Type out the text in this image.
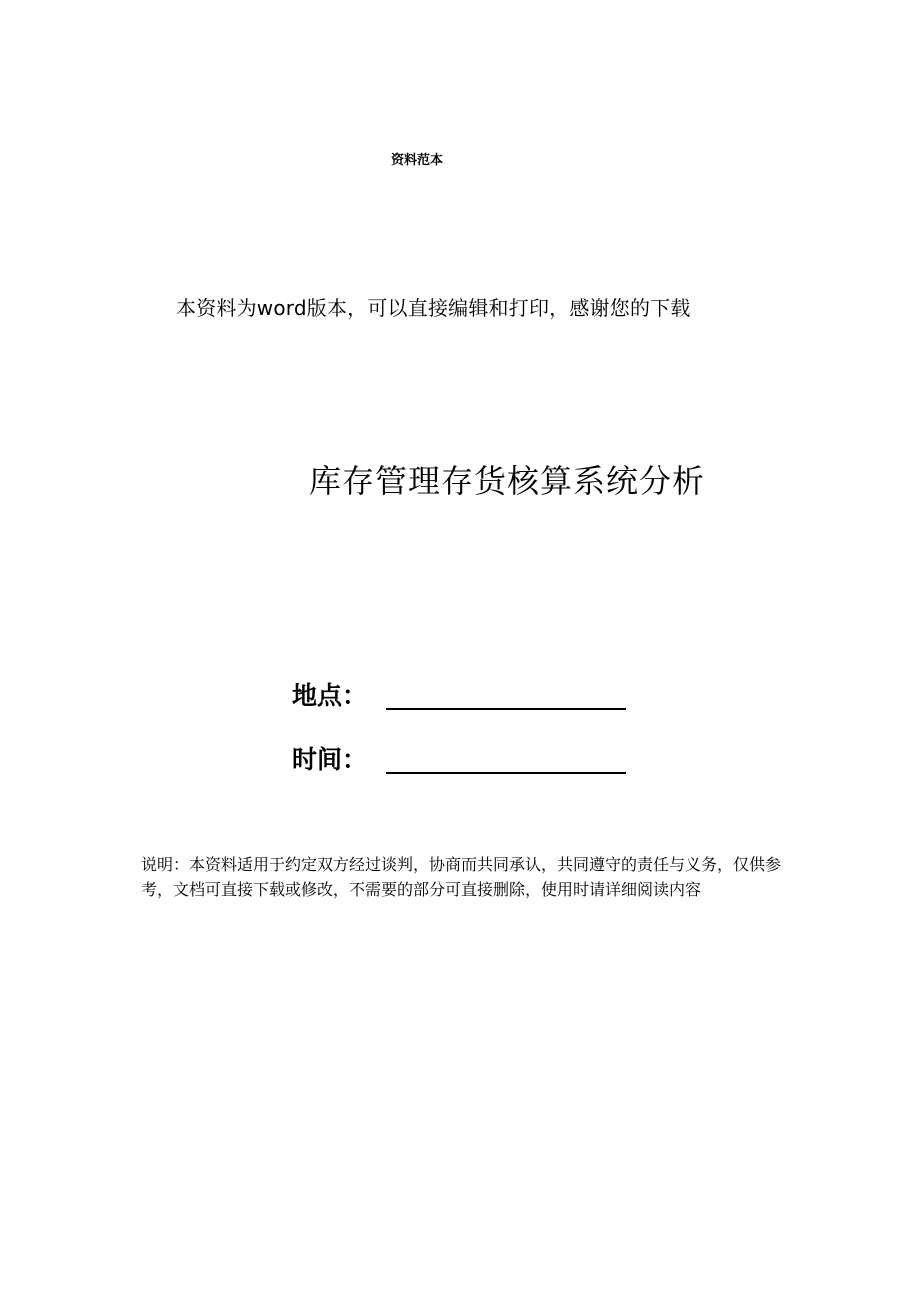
资料范本
本资料为word版本，可以直接编辑和打印，感谢您的下载
库存管理存货核算系统分析
地点：
时间：
说明：本资料适用于约定双方经过谈判，协商而共同承认，共同遵守的责任与义务，仅供参考，文档可直接下载或修改，不需要的部分可直接删除，使用时请详细阅读内容
